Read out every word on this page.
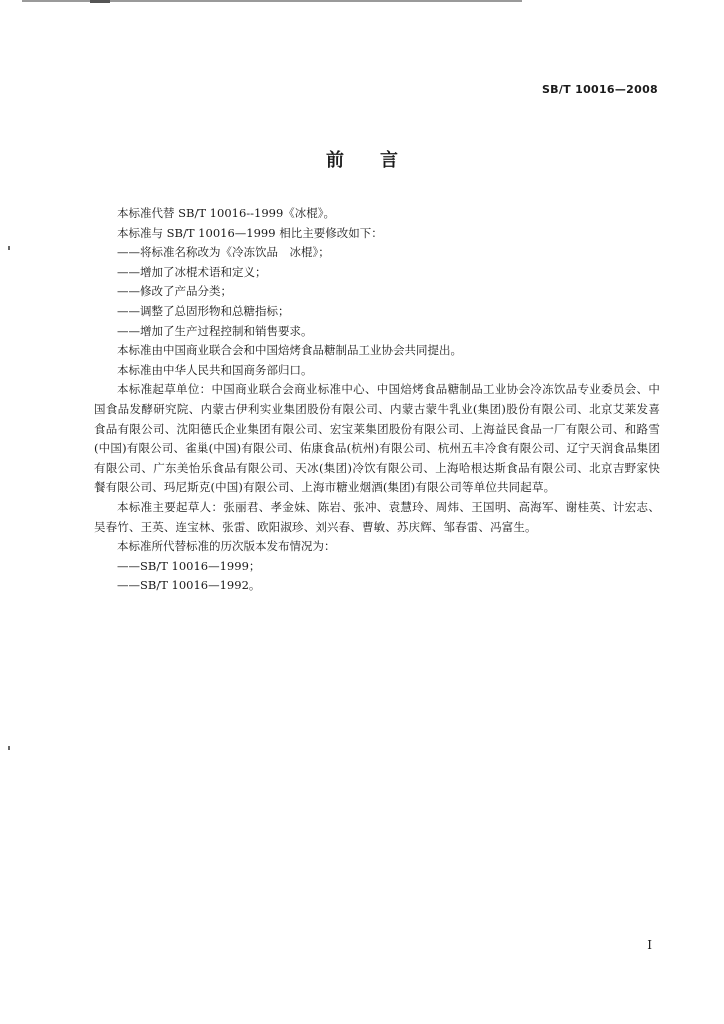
SB/T 10016—2008
前言

本标准代替 SB/T 10016--1999《冰棍》。

本标准与 SB/T 10016—1999 相比主要修改如下：

——将标准名称改为《冷冻饮品　冰棍》；

——增加了冰棍术语和定义；

——修改了产品分类；

——调整了总固形物和总糖指标；

——增加了生产过程控制和销售要求。

本标准由中国商业联合会和中国焙烤食品糖制品工业协会共同提出。

本标准由中华人民共和国商务部归口。

本标准起草单位：中国商业联合会商业标准中心、中国焙烤食品糖制品工业协会冷冻饮品专业委员会、中国食品发酵研究院、内蒙古伊利实业集团股份有限公司、内蒙古蒙牛乳业(集团)股份有限公司、北京艾莱发喜食品有限公司、沈阳德氏企业集团有限公司、宏宝莱集团股份有限公司、上海益民食品一厂有限公司、和路雪(中国)有限公司、雀巢(中国)有限公司、佑康食品(杭州)有限公司、杭州五丰冷食有限公司、辽宁天润食品集团有限公司、广东美怡乐食品有限公司、天冰(集团)冷饮有限公司、上海哈根达斯食品有限公司、北京吉野家快餐有限公司、玛尼斯克(中国)有限公司、上海市糖业烟酒(集团)有限公司等单位共同起草。

本标准主要起草人：张丽君、孝金妹、陈岩、张冲、袁慧玲、周炜、王国明、高海军、谢桂英、计宏志、吴春竹、王英、连宝林、张雷、欧阳淑珍、刘兴春、曹敏、苏庆辉、邹春雷、冯富生。

本标准所代替标准的历次版本发布情况为：

——SB/T 10016—1999；

——SB/T 10016—1992。

I
